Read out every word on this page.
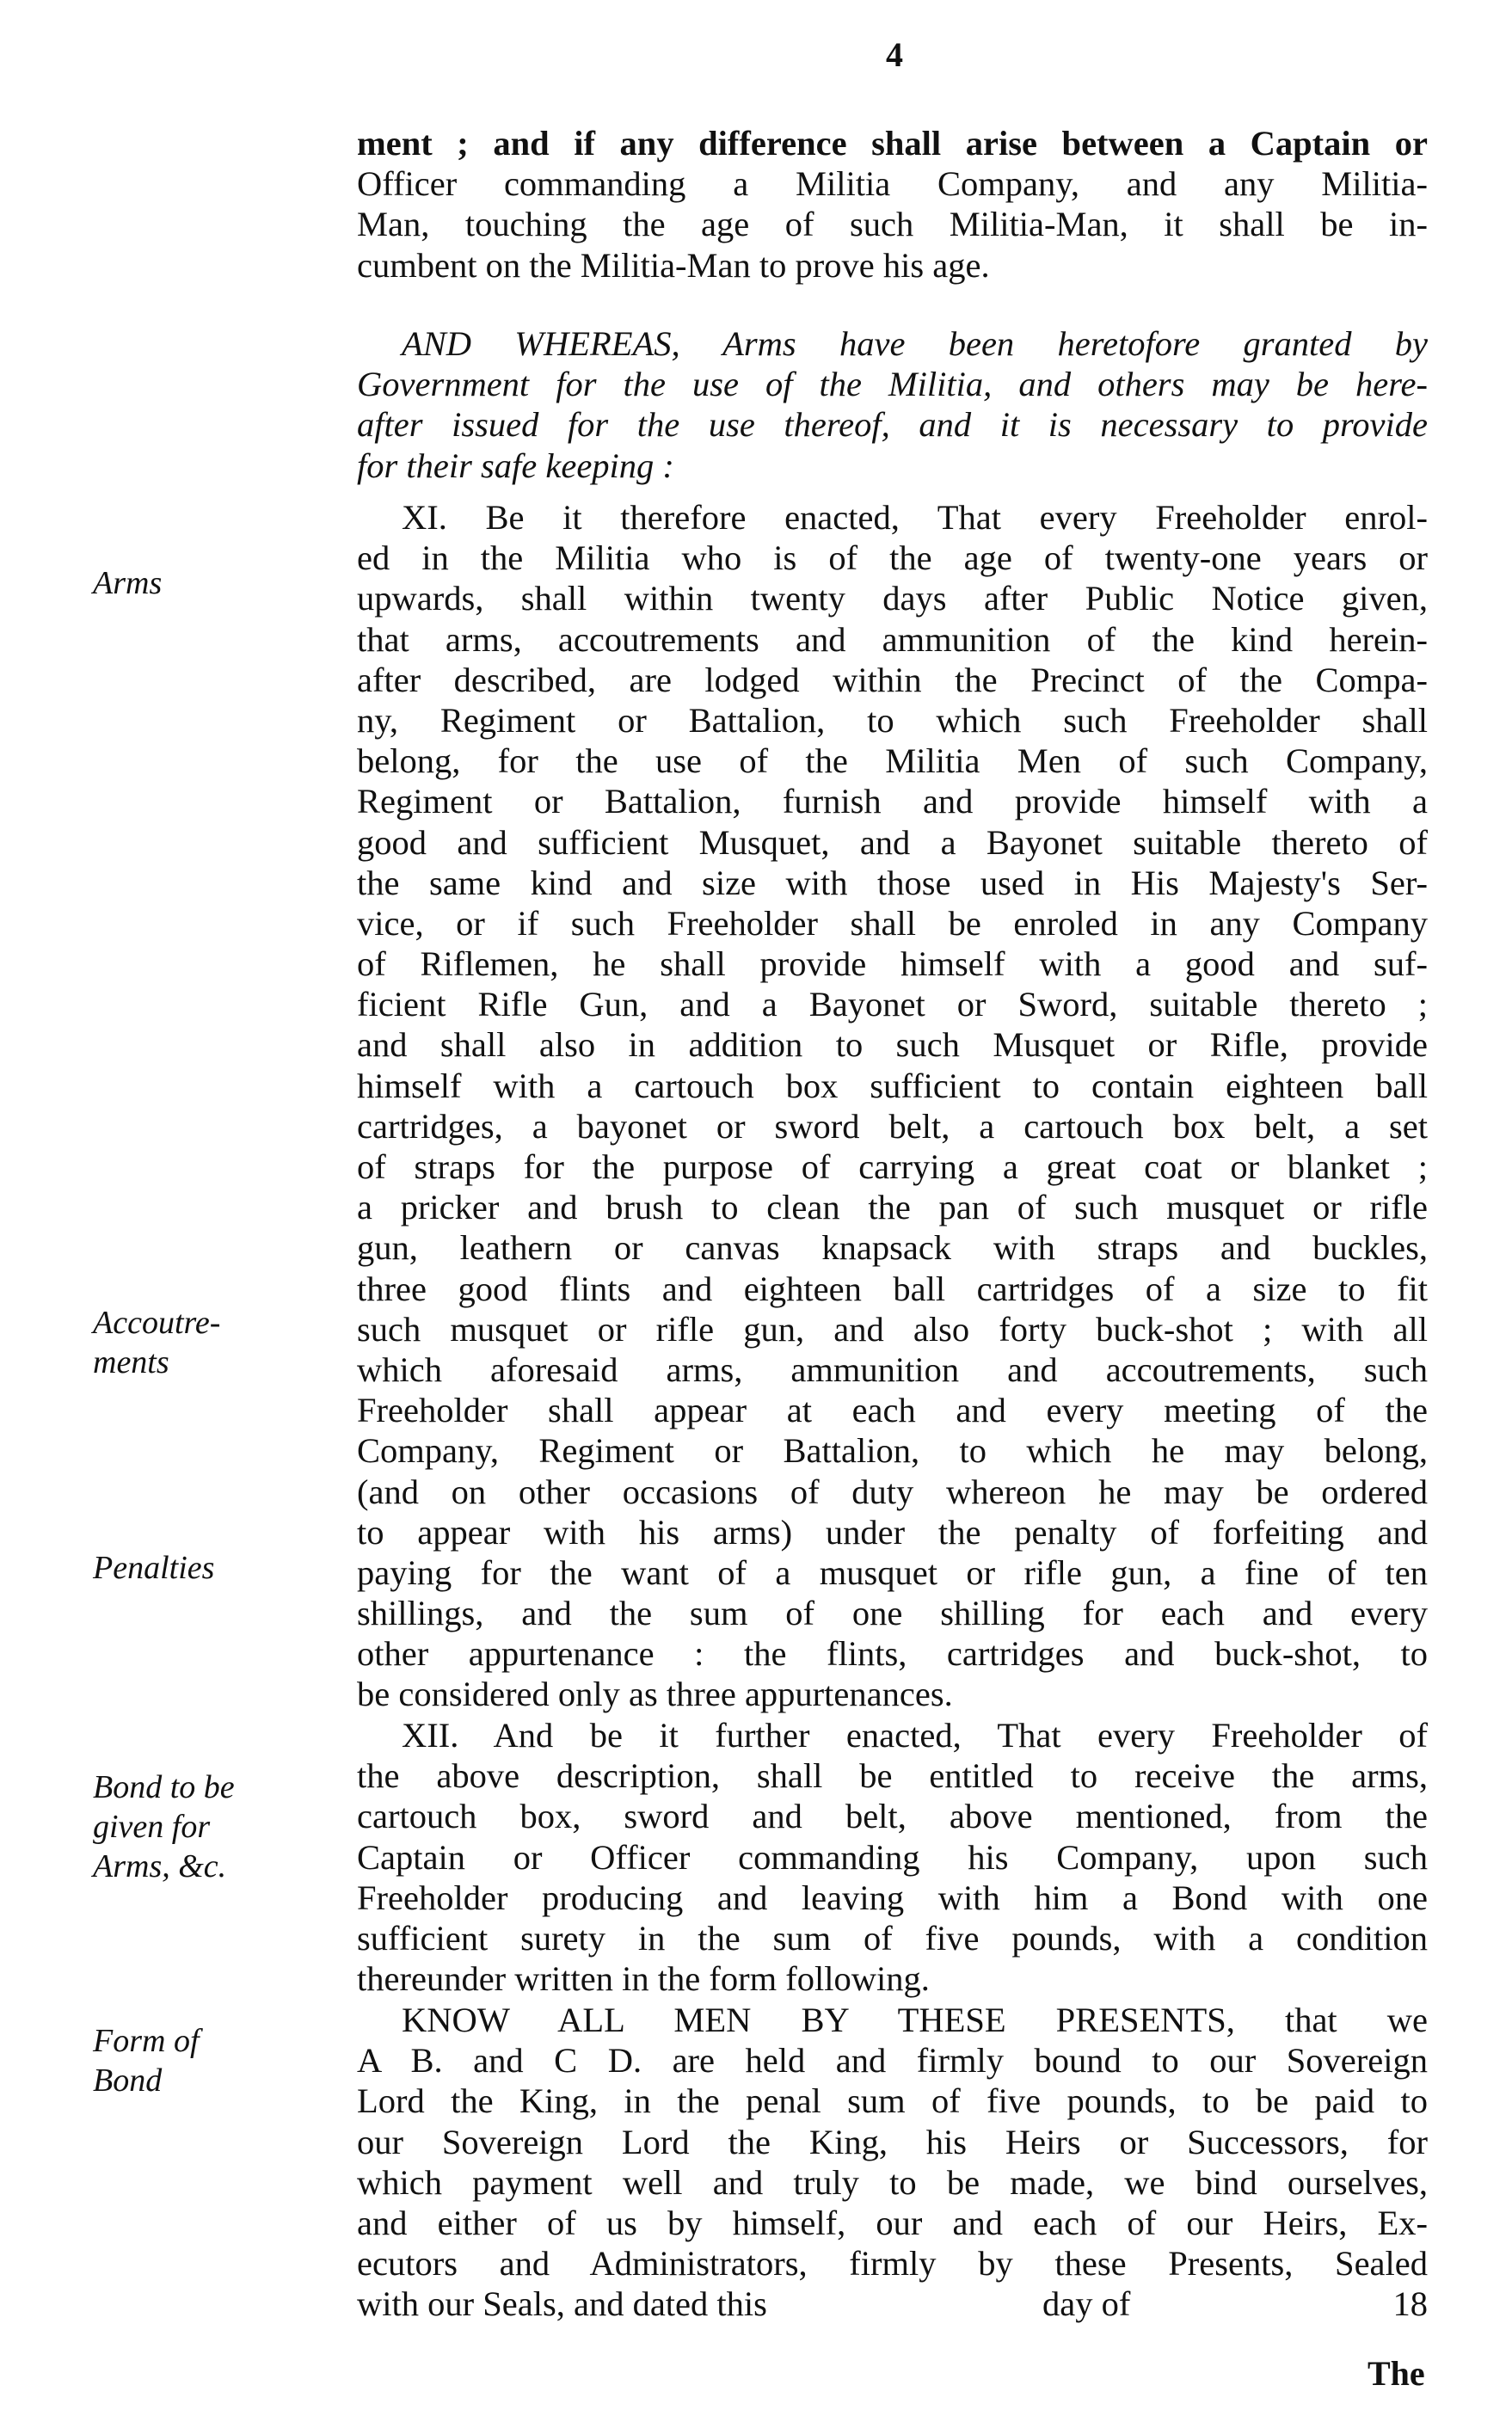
4
Arms
Accoutre-
ments
Penalties
Bond to be
given for
Arms, &c.
Form of
Bond
ment ; and if any difference shall arise between a Captain or
Officer commanding a Militia Company, and any Militia-
Man, touching the age of such Militia-Man, it shall be in-
cumbent on the Militia-Man to prove his age.
AND WHEREAS, Arms have been heretofore granted by
Government for the use of the Militia, and others may be here-
after issued for the use thereof, and it is necessary to provide
for their safe keeping :
XI. Be it therefore enacted, That every Freeholder enrol-
ed in the Militia who is of the age of twenty-one years or
upwards, shall within twenty days after Public Notice given,
that arms, accoutrements and ammunition of the kind herein-
after described, are lodged within the Precinct of the Compa-
ny, Regiment or Battalion, to which such Freeholder shall
belong, for the use of the Militia Men of such Company,
Regiment or Battalion, furnish and provide himself with a
good and sufficient Musquet, and a Bayonet suitable thereto of
the same kind and size with those used in His Majesty's Ser-
vice, or if such Freeholder shall be enroled in any Company
of Riflemen, he shall provide himself with a good and suf-
ficient Rifle Gun, and a Bayonet or Sword, suitable thereto ;
and shall also in addition to such Musquet or Rifle, provide
himself with a cartouch box sufficient to contain eighteen ball
cartridges, a bayonet or sword belt, a cartouch box belt, a set
of straps for the purpose of carrying a great coat or blanket ;
a pricker and brush to clean the pan of such musquet or rifle
gun, leathern or canvas knapsack with straps and buckles,
three good flints and eighteen ball cartridges of a size to fit
such musquet or rifle gun, and also forty buck-shot ; with all
which aforesaid arms, ammunition and accoutrements, such
Freeholder shall appear at each and every meeting of the
Company, Regiment or Battalion, to which he may belong,
(and on other occasions of duty whereon he may be ordered
to appear with his arms) under the penalty of forfeiting and
paying for the want of a musquet or rifle gun, a fine of ten
shillings, and the sum of one shilling for each and every
other appurtenance : the flints, cartridges and buck-shot, to
be considered only as three appurtenances.
XII. And be it further enacted, That every Freeholder of
the above description, shall be entitled to receive the arms,
cartouch box, sword and belt, above mentioned, from the
Captain or Officer commanding his Company, upon such
Freeholder producing and leaving with him a Bond with one
sufficient surety in the sum of five pounds, with a condition
thereunder written in the form following.
KNOW ALL MEN BY THESE PRESENTS, that we
A B. and C D. are held and firmly bound to our Sovereign
Lord the King, in the penal sum of five pounds, to be paid to
our Sovereign Lord the King, his Heirs or Successors, for
which payment well and truly to be made, we bind ourselves,
and either of us by himself, our and each of our Heirs, Ex-
ecutors and Administrators, firmly by these Presents, Sealed
with our Seals, and dated this	day of	18
The
